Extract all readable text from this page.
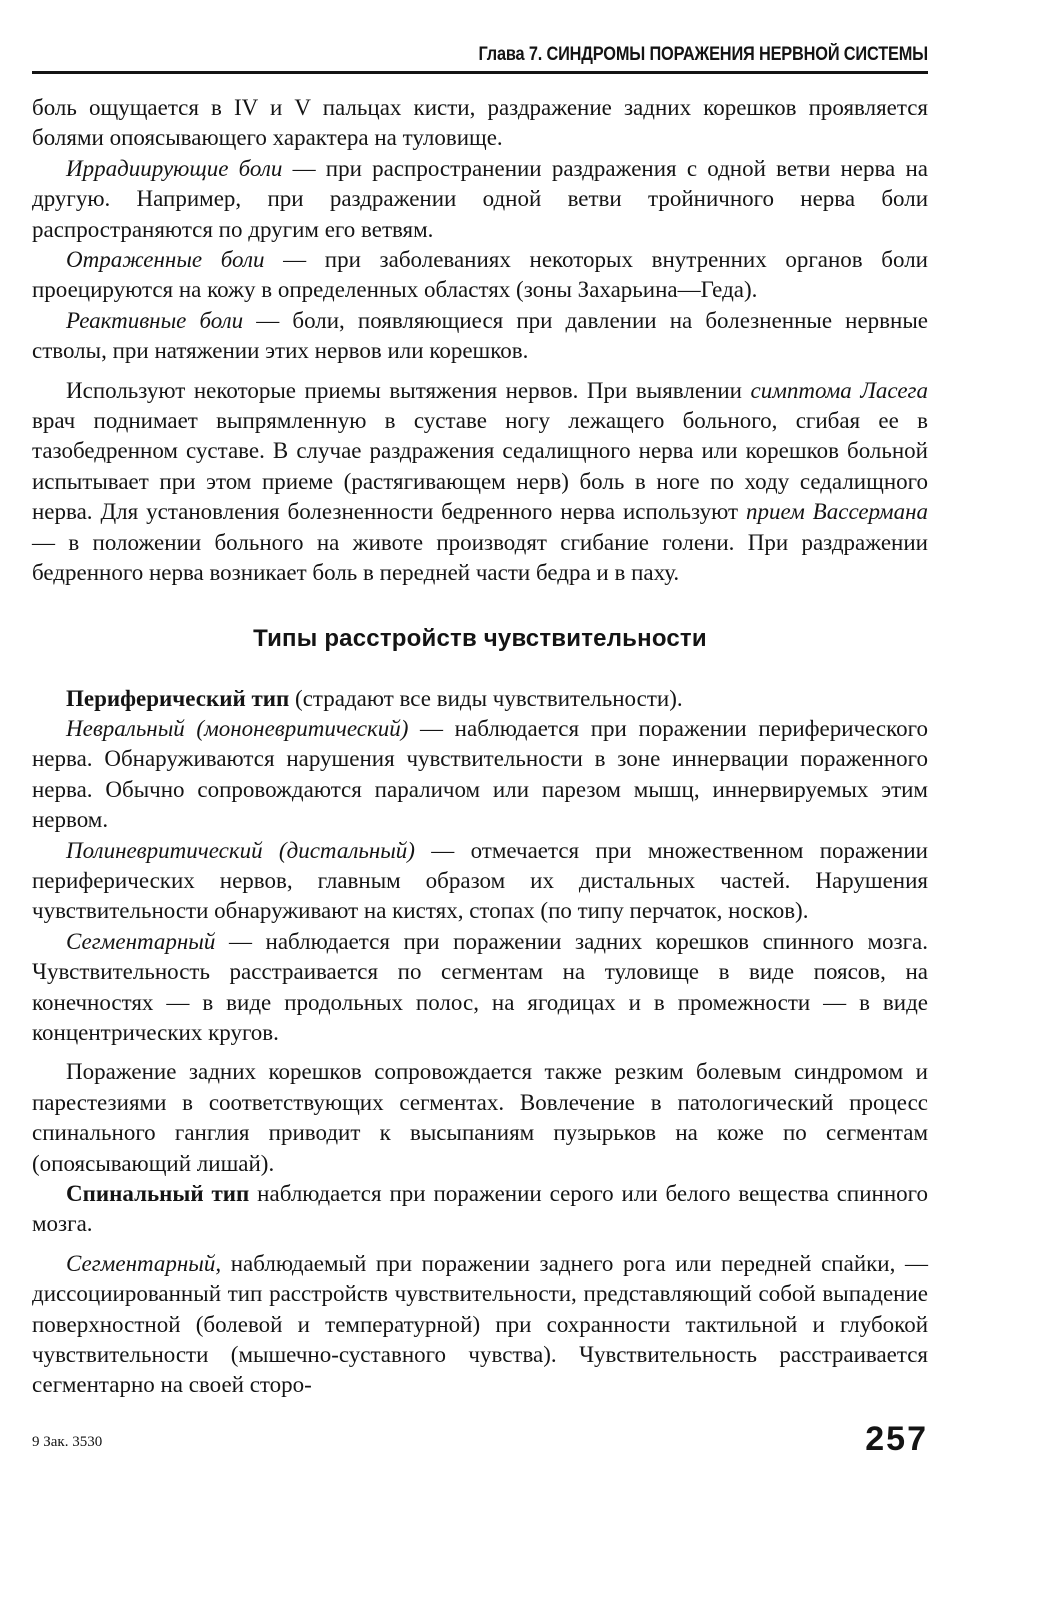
Глава 7. СИНДРОМЫ ПОРАЖЕНИЯ НЕРВНОЙ СИСТЕМЫ

боль ощущается в IV и V пальцах кисти, раздражение задних корешков проявляется болями опоясывающего характера на туловище.

Иррадиирующие боли — при распространении раздражения с одной ветви нерва на другую. Например, при раздражении одной ветви тройничного нерва боли распространяются по другим его ветвям.

Отраженные боли — при заболеваниях некоторых внутренних органов боли проецируются на кожу в определенных областях (зоны Захарьина—Геда).

Реактивные боли — боли, появляющиеся при давлении на болезненные нервные стволы, при натяжении этих нервов или корешков.

Используют некоторые приемы вытяжения нервов. При выявлении симптома Ласега врач поднимает выпрямленную в суставе ногу лежащего больного, сгибая ее в тазобедренном суставе. В случае раздражения седалищного нерва или корешков больной испытывает при этом приеме (растягивающем нерв) боль в ноге по ходу седалищного нерва. Для установления болезненности бедренного нерва используют прием Вассермана — в положении больного на животе производят сгибание голени. При раздражении бедренного нерва возникает боль в передней части бедра и в паху.

Типы расстройств чувствительности

Периферический тип (страдают все виды чувствительности).

Невральный (мононевритический) — наблюдается при поражении периферического нерва. Обнаруживаются нарушения чувствительности в зоне иннервации пораженного нерва. Обычно сопровождаются параличом или парезом мышц, иннервируемых этим нервом.

Полиневритический (дистальный) — отмечается при множественном поражении периферических нервов, главным образом их дистальных частей. Нарушения чувствительности обнаруживают на кистях, стопах (по типу перчаток, носков).

Сегментарный — наблюдается при поражении задних корешков спинного мозга. Чувствительность расстраивается по сегментам на туловище в виде поясов, на конечностях — в виде продольных полос, на ягодицах и в промежности — в виде концентрических кругов.

Поражение задних корешков сопровождается также резким болевым синдромом и парестезиями в соответствующих сегментах. Вовлечение в патологический процесс спинального ганглия приводит к высыпаниям пузырьков на коже по сегментам (опоясывающий лишай).

Спинальный тип наблюдается при поражении серого или белого вещества спинного мозга.

Сегментарный, наблюдаемый при поражении заднего рога или передней спайки, — диссоциированный тип расстройств чувствительности, представляющий собой выпадение поверхностной (болевой и температурной) при сохранности тактильной и глубокой чувствительности (мышечно-суставного чувства). Чувствительность расстраивается сегментарно на своей сторо-

9 Зак. 3530	257
